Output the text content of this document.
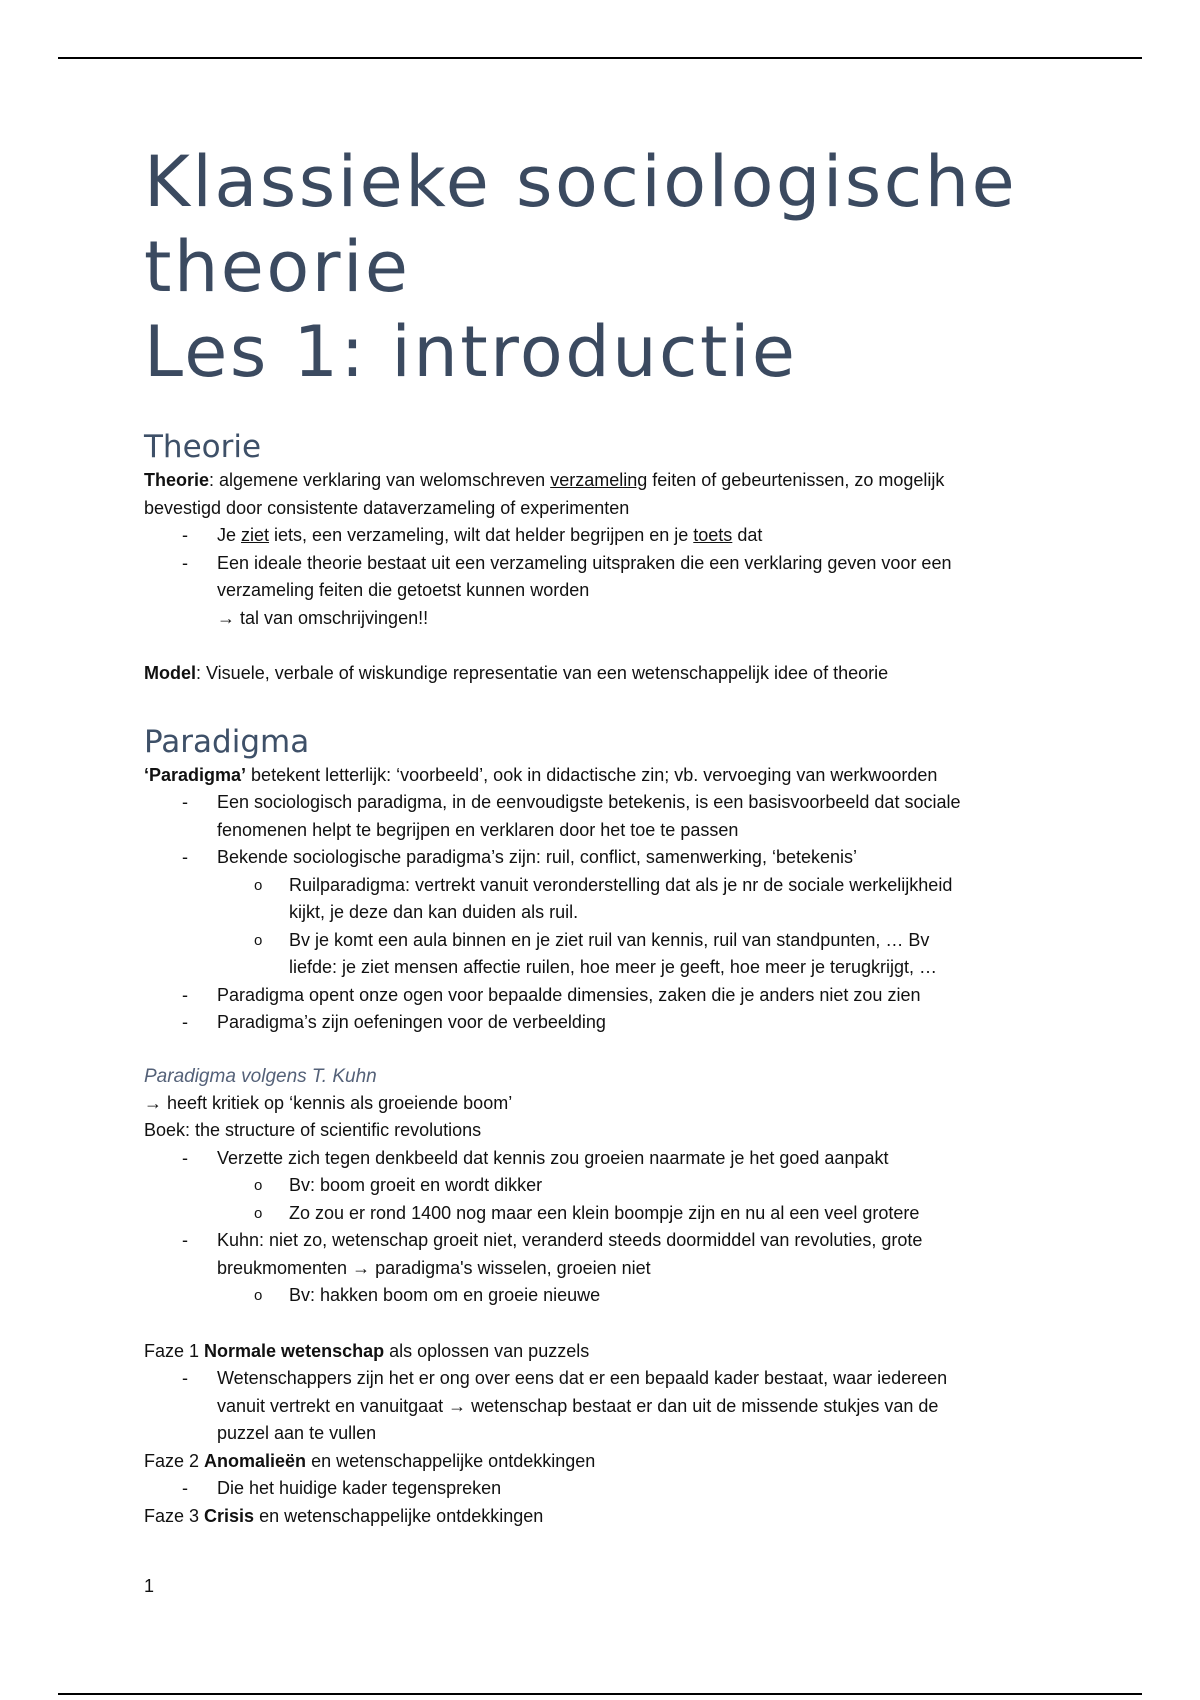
Klassieke sociologische
theorie
Les 1: introductie
Theorie
Theorie: algemene verklaring van welomschreven verzameling feiten of gebeurtenissen, zo mogelijk
bevestigd door consistente dataverzameling of experimenten
- Je ziet iets, een verzameling, wilt dat helder begrijpen en je toets dat
- Een ideale theorie bestaat uit een verzameling uitspraken die een verklaring geven voor een
verzameling feiten die getoetst kunnen worden
→ tal van omschrijvingen!!
Model: Visuele, verbale of wiskundige representatie van een wetenschappelijk idee of theorie
Paradigma
‘Paradigma’ betekent letterlijk: ‘voorbeeld’, ook in didactische zin; vb. vervoeging van werkwoorden
- Een sociologisch paradigma, in de eenvoudigste betekenis, is een basisvoorbeeld dat sociale
fenomenen helpt te begrijpen en verklaren door het toe te passen
- Bekende sociologische paradigma’s zijn: ruil, conflict, samenwerking, ‘betekenis’
o Ruilparadigma: vertrekt vanuit veronderstelling dat als je nr de sociale werkelijkheid
kijkt, je deze dan kan duiden als ruil.
o Bv je komt een aula binnen en je ziet ruil van kennis, ruil van standpunten, … Bv
liefde: je ziet mensen affectie ruilen, hoe meer je geeft, hoe meer je terugkrijgt, …
- Paradigma opent onze ogen voor bepaalde dimensies, zaken die je anders niet zou zien
- Paradigma’s zijn oefeningen voor de verbeelding
Paradigma volgens T. Kuhn
→ heeft kritiek op ‘kennis als groeiende boom’
Boek: the structure of scientific revolutions
- Verzette zich tegen denkbeeld dat kennis zou groeien naarmate je het goed aanpakt
o Bv: boom groeit en wordt dikker
o Zo zou er rond 1400 nog maar een klein boompje zijn en nu al een veel grotere
- Kuhn: niet zo, wetenschap groeit niet, veranderd steeds doormiddel van revoluties, grote
breukmomenten → paradigma's wisselen, groeien niet
o Bv: hakken boom om en groeie nieuwe
Faze 1 Normale wetenschap als oplossen van puzzels
- Wetenschappers zijn het er ong over eens dat er een bepaald kader bestaat, waar iedereen
vanuit vertrekt en vanuitgaat → wetenschap bestaat er dan uit de missende stukjes van de
puzzel aan te vullen
Faze 2 Anomalieën en wetenschappelijke ontdekkingen
- Die het huidige kader tegenspreken
Faze 3 Crisis en wetenschappelijke ontdekkingen
1
